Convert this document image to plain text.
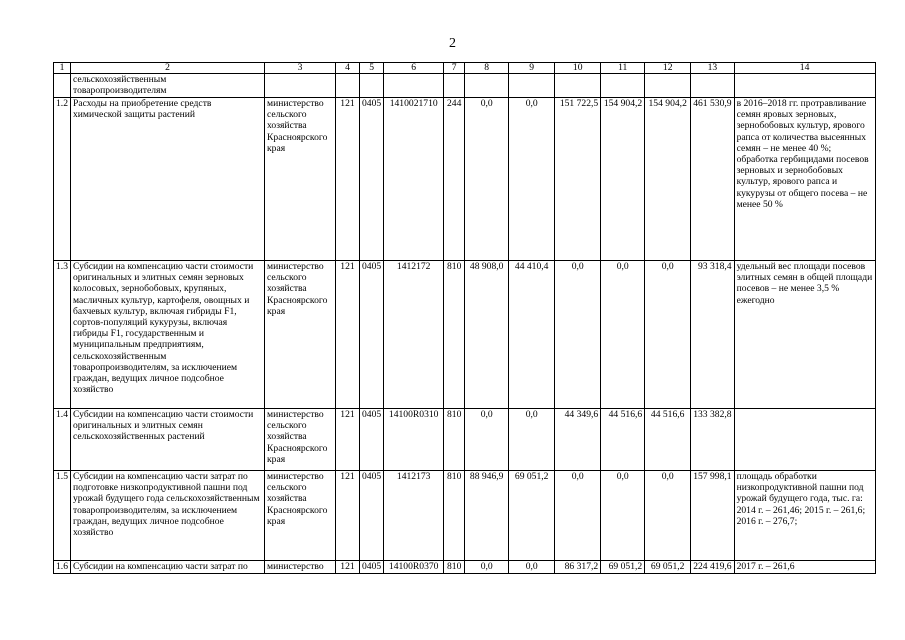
2
1	2	3	4	5	6	7	8	9	10	11	12	13	14
	сельскохозяйственным товаропроизводителям												
1.2	Расходы на приобретение средств химической защиты растений	министерство сельского хозяйства Красноярского края	121	0405	1410021710	244	0,0	0,0	151 722,5	154 904,2	154 904,2	461 530,9	в 2016–2018 гг. протравливание семян яровых зерновых, зернобобовых культур, ярового рапса от количества высеянных семян – не менее 40 %; обработка гербицидами посевов зерновых и зернобобовых культур, ярового рапса и кукурузы от общего посева – не менее 50 %
1.3	Субсидии на компенсацию части стоимости оригинальных и элитных семян зерновых колосовых, зернобобовых, крупяных, масличных культур, картофеля, овощных и бахчевых культур, включая гибриды F1, сортов-популяций кукурузы, включая гибриды F1, государственным и муниципальным предприятиям, сельскохозяйственным товаропроизводителям, за исключением граждан, ведущих личное подсобное хозяйство	министерство сельского хозяйства Красноярского края	121	0405	1412172	810	48 908,0	44 410,4	0,0	0,0	0,0	93 318,4	удельный вес площади посевов элитных семян в общей площади посевов – не менее 3,5 % ежегодно
1.4	Субсидии на компенсацию части стоимости оригинальных и элитных семян сельскохозяйственных растений	министерство сельского хозяйства Красноярского края	121	0405	14100R0310	810	0,0	0,0	44 349,6	44 516,6	44 516,6	133 382,8	
1.5	Субсидии на компенсацию части затрат по подготовке низкопродуктивной пашни под урожай будущего года сельскохозяйственным товаропроизводителям, за исключением граждан, ведущих личное подсобное хозяйство	министерство сельского хозяйства Красноярского края	121	0405	1412173	810	88 946,9	69 051,2	0,0	0,0	0,0	157 998,1	площадь обработки низкопродуктивной пашни под урожай будущего года, тыс. га: 2014 г. – 261,46; 2015 г. – 261,6; 2016 г. – 276,7;
1.6	Субсидии на компенсацию части затрат по	министерство	121	0405	14100R0370	810	0,0	0,0	86 317,2	69 051,2	69 051,2	224 419,6	2017 г. – 261,6
